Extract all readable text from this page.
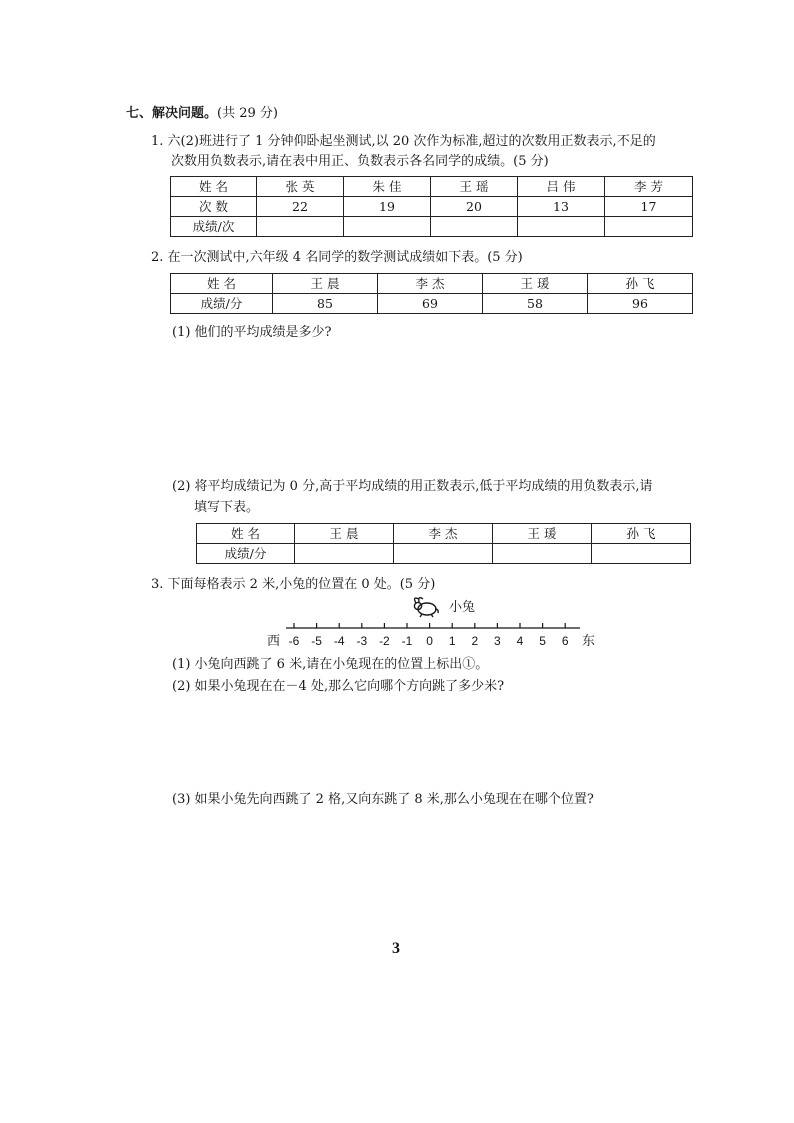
七、解决问题。(共 29 分)
1. 六(2)班进行了 1 分钟仰卧起坐测试,以 20 次作为标准,超过的次数用正数表示,不足的
次数用负数表示,请在表中用正、负数表示各名同学的成绩。(5 分)
姓 名	张 英	朱 佳	王 瑶	吕 伟	李 芳
次 数	22	19	20	13	17
成绩/次					
2. 在一次测试中,六年级 4 名同学的数学测试成绩如下表。(5 分)
姓 名	王 晨	李 杰	王 瑗	孙 飞
成绩/分	85	69	58	96
(1) 他们的平均成绩是多少?
(2) 将平均成绩记为 0 分,高于平均成绩的用正数表示,低于平均成绩的用负数表示,请
填写下表。
姓 名	王 晨	李 杰	王 瑗	孙 飞
成绩/分				
3. 下面每格表示 2 米,小兔的位置在 0 处。(5 分)
小兔
-6 -5 -4 -3 -2 -1 0 1 2 3 4 5 6
西	东
(1) 小兔向西跳了 6 米,请在小兔现在的位置上标出①。
(2) 如果小兔现在在－4 处,那么它向哪个方向跳了多少米?
(3) 如果小兔先向西跳了 2 格,又向东跳了 8 米,那么小兔现在在哪个位置?
3
